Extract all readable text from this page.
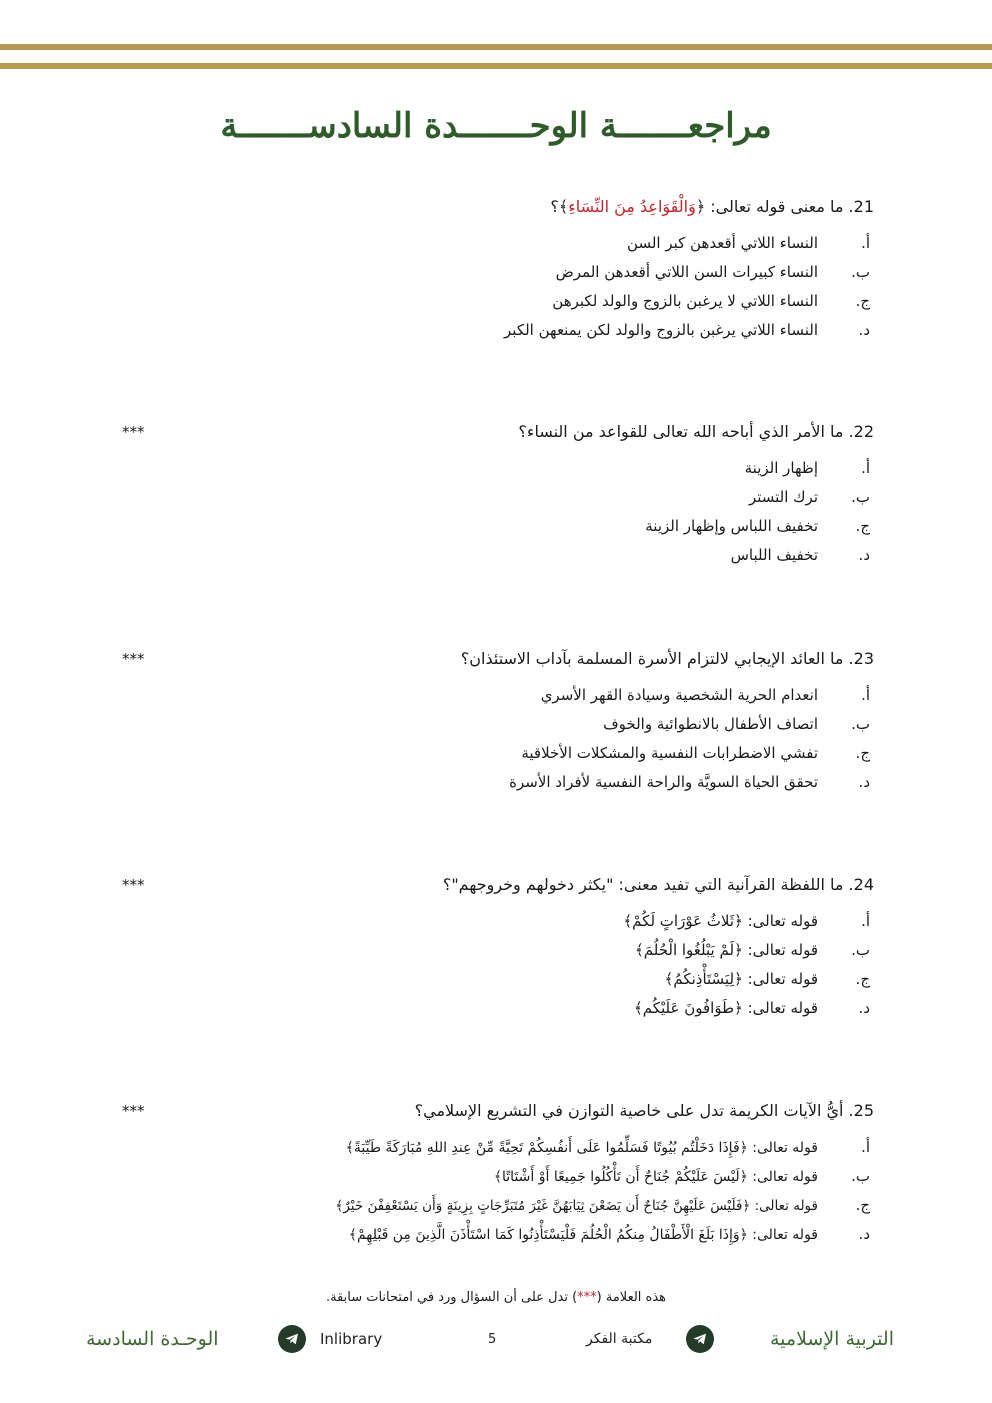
مراجعـــــــة الوحـــــــدة السادســـــــة
21. ما معنى قوله تعالى: ﴿وَالْقَوَاعِدُ مِنَ النِّسَاءِ﴾؟
أ.
النساء اللاتي أقعدهن كبر السن
ب.
النساء كبيرات السن اللاتي أقعدهن المرض
ج.
النساء اللاتي لا يرغبن بالزوج والولد لكبرهن
د.
النساء اللاتي يرغبن بالزوج والولد لكن يمنعهن الكبر
22. ما الأمر الذي أباحه الله تعالى للقواعد من النساء؟
***
أ.
إظهار الزينة
ب.
ترك التستر
ج.
تخفيف اللباس وإظهار الزينة
د.
تخفيف اللباس
23. ما العائد الإيجابي لالتزام الأسرة المسلمة بآداب الاستئذان؟
***
أ.
انعدام الحرية الشخصية وسيادة القهر الأسري
ب.
اتصاف الأطفال بالانطوائية والخوف
ج.
تفشي الاضطرابات النفسية والمشكلات الأخلاقية
د.
تحقق الحياة السويَّة والراحة النفسية لأفراد الأسرة
24. ما اللفظة القرآنية التي تفيد معنى: "يكثر دخولهم وخروجهم"؟
***
أ.
قوله تعالى: ﴿ثَلاثُ عَوْرَاتٍ لَكُمْ﴾
ب.
قوله تعالى: ﴿لَمْ يَبْلُغُوا الْحُلُمَ﴾
ج.
قوله تعالى: ﴿لِيَسْتَأْذِنكُمُ﴾
د.
قوله تعالى: ﴿طَوَافُونَ عَلَيْكُم﴾
25. أيُّ الآيات الكريمة تدل على خاصية التوازن في التشريع الإسلامي؟
***
أ.
قوله تعالى: ﴿فَإِذَا دَخَلْتُم بُيُوتًا فَسَلِّمُوا عَلَى أَنفُسِكُمْ تَحِيَّةً مِّنْ عِندِ اللهِ مُبَارَكَةً طَيِّبَةً﴾
ب.
قوله تعالى: ﴿لَيْسَ عَلَيْكُمْ جُنَاحٌ أَن تَأْكُلُوا جَمِيعًا أَوْ أَشْتَاتًا﴾
ج.
قوله تعالى: ﴿فَلَيْسَ عَلَيْهِنَّ جُنَاحٌ أَن يَضَعْنَ ثِيَابَهُنَّ غَيْرَ مُتَبَرِّجَاتٍ بِزِينَةٍ وَأَن يَسْتَعْفِفْنَ خَيْرٌ﴾
د.
قوله تعالى: ﴿وَإِذَا بَلَغَ الْأَطْفَالُ مِنكُمُ الْحُلُمَ فَلْيَسْتَأْذِنُوا كَمَا اسْتَأْذَنَ الَّذِينَ مِن قَبْلِهِمْ﴾
هذه العلامة (***) تدل على أن السؤال ورد في امتحانات سابقة.
الوحـدة السادسة	Inlibrary	5	مكتبة الفكر	التربية الإسلامية
